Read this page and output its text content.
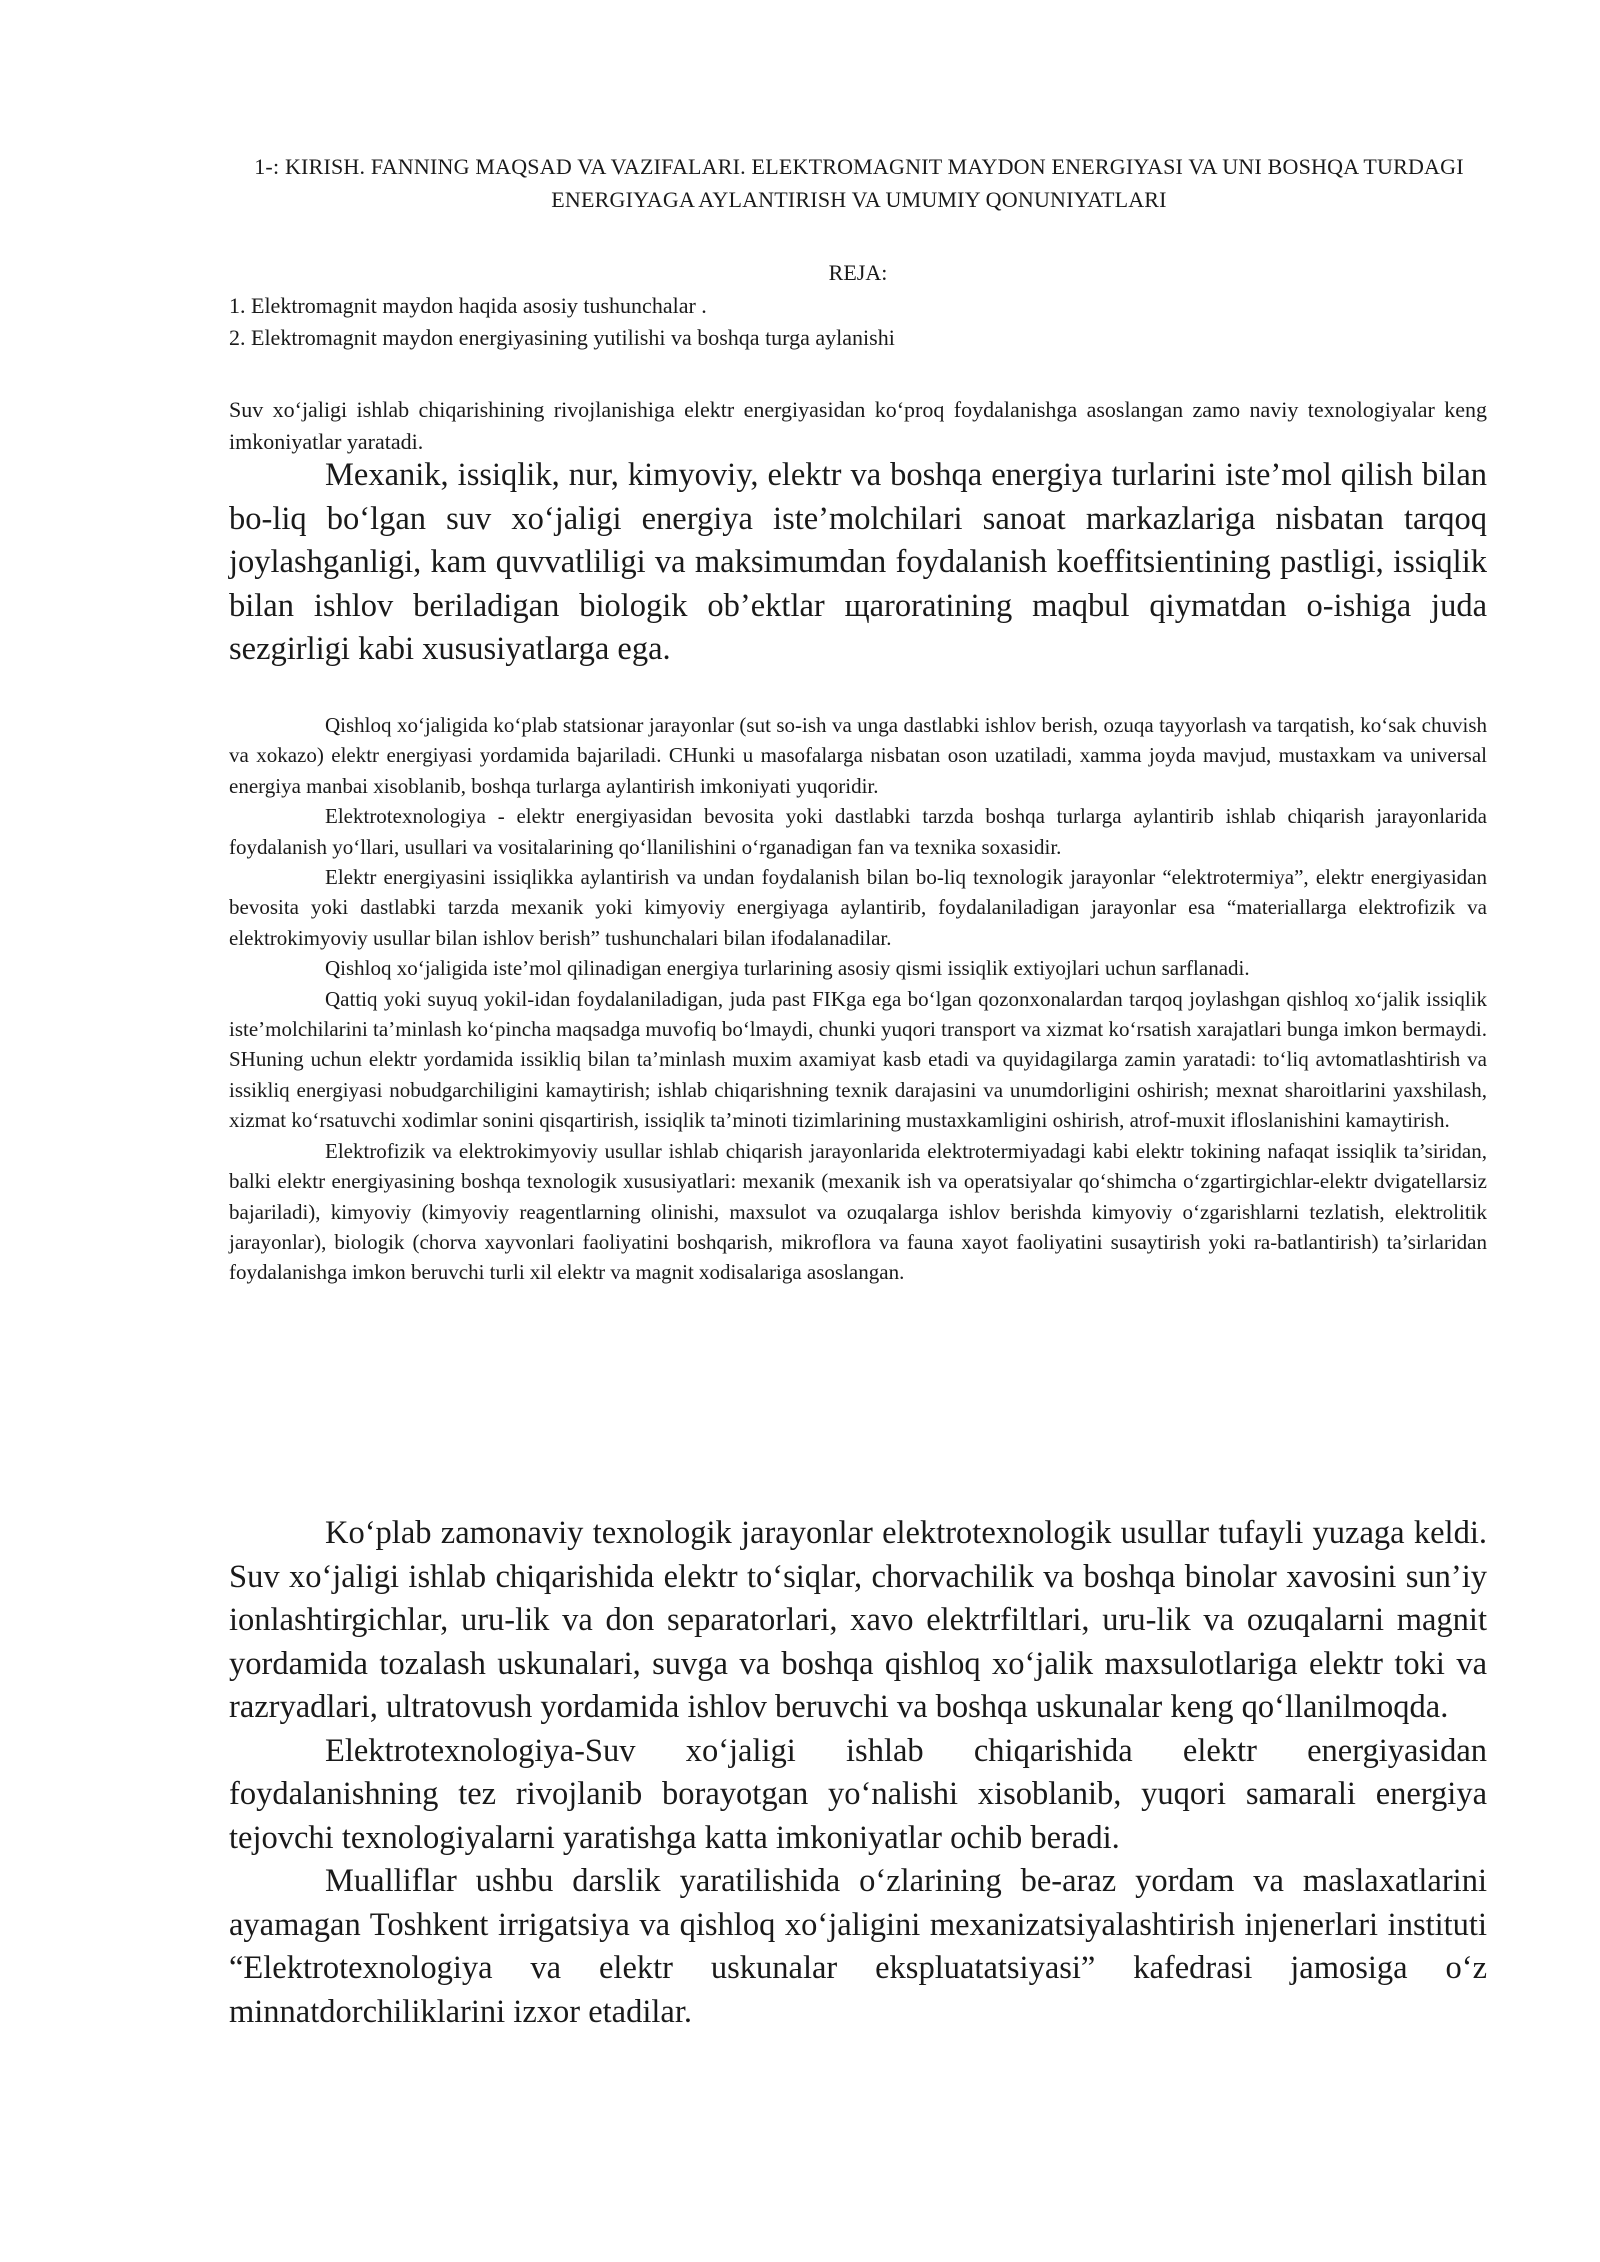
1-: KIRISH. FANNING MAQSAD VA VAZIFALARI. ELEKTROMAGNIT MAYDON ENERGIYASI VA UNI BOSHQA TURDAGI ENERGIYAGA AYLANTIRISH VA UMUMIY QONUNIYATLARI
REJA:
1. Elektromagnit maydon haqida asosiy tushunchalar .
2. Elektromagnit maydon energiyasining yutilishi va boshqa turga aylanishi

Suv xo‘jaligi ishlab chiqarishining rivojlanishiga elektr energiyasidan ko‘proq foydalanishga asoslangan zamo naviy texnologiyalar keng imkoniyatlar yaratadi.

Mexanik, issiqlik, nur, kimyoviy, elektr va boshqa energiya turlarini iste’mol qilish bilan bo-liq bo‘lgan suv xo‘jaligi energiya iste’molchilari sanoat markazlariga nisbatan tarqoq joylashganligi, kam quvvatliligi va maksimumdan foydalanish koeffitsientining pastligi, issiqlik bilan ishlov beriladigan biologik ob’ektlar щaroratining maqbul qiymatdan o-ishiga juda sezgirligi kabi xususiyatlarga ega.

Qishloq xo‘jaligida ko‘plab statsionar jarayonlar (sut so-ish va unga dastlabki ishlov berish, ozuqa tayyorlash va tarqatish, ko‘sak chuvish va xokazo) elektr energiyasi yordamida bajariladi. CHunki u masofalarga nisbatan oson uzatiladi, xamma joyda mavjud, mustaxkam va universal energiya manbai xisoblanib, boshqa turlarga aylantirish imkoniyati yuqoridir.

Elektrotexnologiya - elektr energiyasidan bevosita yoki dastlabki tarzda boshqa turlarga aylantirib ishlab chiqarish jarayonlarida foydalanish yo‘llari, usullari va vositalarining qo‘llanilishini o‘rganadigan fan va texnika soxasidir.

Elektr energiyasini issiqlikka aylantirish va undan foydalanish bilan bo-liq texnologik jarayonlar “elektrotermiya”, elektr energiyasidan bevosita yoki dastlabki tarzda mexanik yoki kimyoviy energiyaga aylantirib, foydalaniladigan jarayonlar esa “materiallarga elektrofizik va elektrokimyoviy usullar bilan ishlov berish” tushunchalari bilan ifodalanadilar.

Qishloq xo‘jaligida iste’mol qilinadigan energiya turlarining asosiy qismi issiqlik extiyojlari uchun sarflanadi.

Qattiq yoki suyuq yokil-idan foydalaniladigan, juda past FIKga ega bo‘lgan qozonxonalardan tarqoq joylashgan qishloq xo‘jalik issiqlik iste’molchilarini ta’minlash ko‘pincha maqsadga muvofiq bo‘lmaydi, chunki yuqori transport va xizmat ko‘rsatish xarajatlari bunga imkon bermaydi. SHuning uchun elektr yordamida issikliq bilan ta’minlash muxim axamiyat kasb etadi va quyidagilarga zamin yaratadi: to‘liq avtomatlashtirish va issikliq energiyasi nobudgarchiligini kamaytirish; ishlab chiqarishning texnik darajasini va unumdorligini oshirish; mexnat sharoitlarini yaxshilash, xizmat ko‘rsatuvchi xodimlar sonini qisqartirish, issiqlik ta’minoti tizimlarining mustaxkamligini oshirish, atrof-muxit ifloslanishini kamaytirish.

Elektrofizik va elektrokimyoviy usullar ishlab chiqarish jarayonlarida elektrotermiyadagi kabi elektr tokining nafaqat issiqlik ta’siridan, balki elektr energiyasining boshqa texnologik xususiyatlari: mexanik (mexanik ish va operatsiyalar qo‘shimcha o‘zgartirgichlar-elektr dvigatellarsiz bajariladi), kimyoviy (kimyoviy reagentlarning olinishi, maxsulot va ozuqalarga ishlov berishda kimyoviy o‘zgarishlarni tezlatish, elektrolitik jarayonlar), biologik (chorva xayvonlari faoliyatini boshqarish, mikroflora va fauna xayot faoliyatini susaytirish yoki ra-batlantirish) ta’sirlaridan foydalanishga imkon beruvchi turli xil elektr va magnit xodisalariga asoslangan.

Ko‘plab zamonaviy texnologik jarayonlar elektrotexnologik usullar tufayli yuzaga keldi. Suv xo‘jaligi ishlab chiqarishida elektr to‘siqlar, chorvachilik va boshqa binolar xavosini sun’iy ionlashtirgichlar, uru-lik va don separatorlari, xavo elektrfiltlari, uru-lik va ozuqalarni magnit yordamida tozalash uskunalari, suvga va boshqa qishloq xo‘jalik maxsulotlariga elektr toki va razryadlari, ultratovush yordamida ishlov beruvchi va boshqa uskunalar keng qo‘llanilmoqda.

Elektrotexnologiya-Suv xo‘jaligi ishlab chiqarishida elektr energiyasidan foydalanishning tez rivojlanib borayotgan yo‘nalishi xisoblanib, yuqori samarali energiya tejovchi texnologiyalarni yaratishga katta imkoniyatlar ochib beradi.

Mualliflar ushbu darslik yaratilishida o‘zlarining be-araz yordam va maslaxatlarini ayamagan Toshkent irrigatsiya va qishloq xo‘jaligini mexanizatsiyalashtirish injenerlari instituti “Elektrotexnologiya va elektr uskunalar ekspluatatsiyasi” kafedrasi jamosiga o‘z minnatdorchiliklarini izxor etadilar.
